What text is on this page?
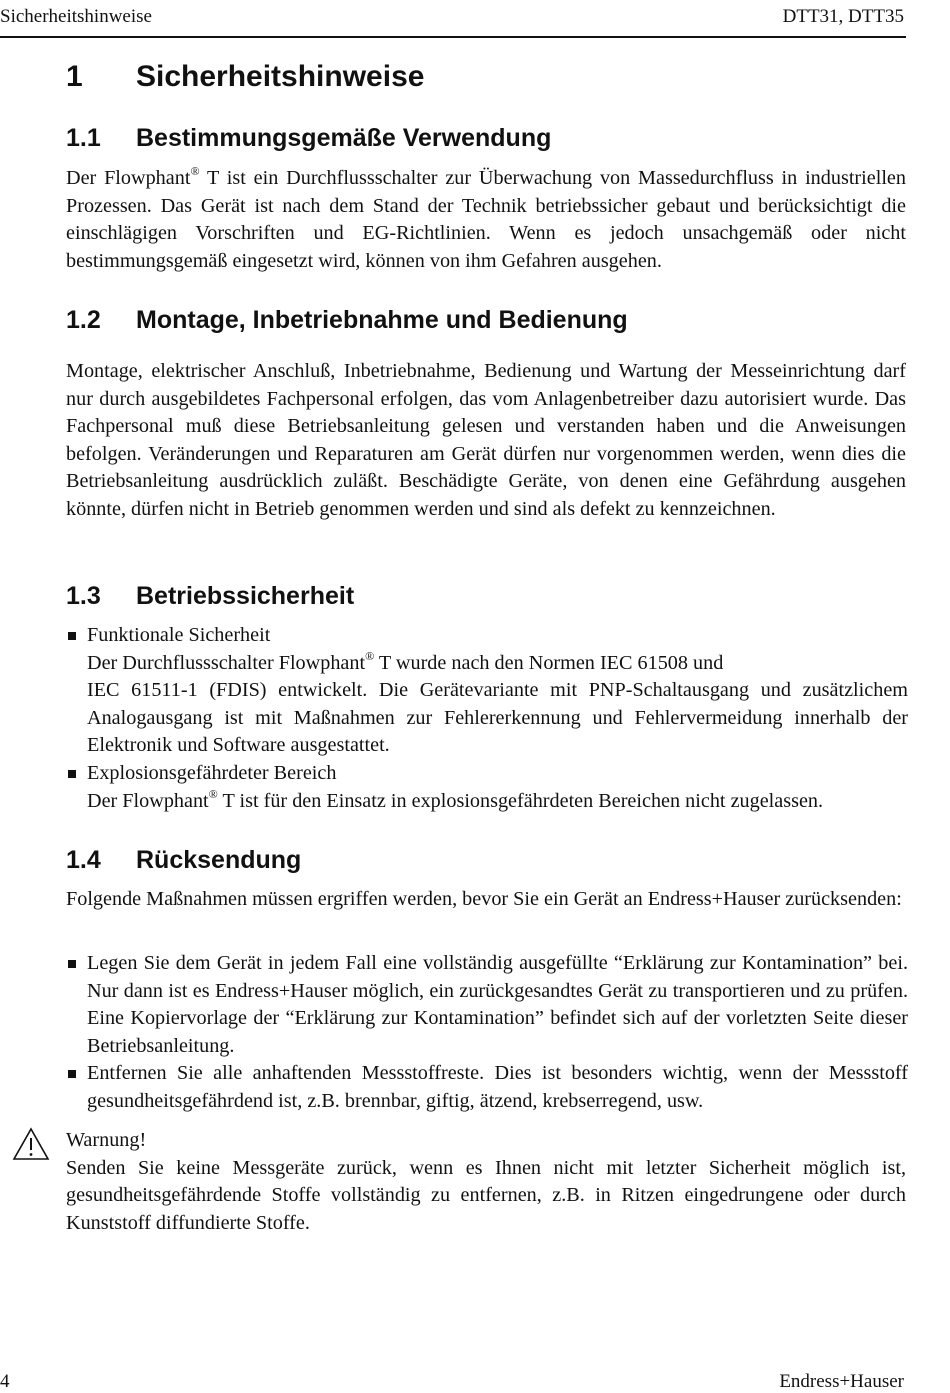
Sicherheitshinweise	DTT31, DTT35
1 Sicherheitshinweise
1.1 Bestimmungsgemäße Verwendung

Der Flowphant® T ist ein Durchflussschalter zur Überwachung von Massedurchfluss in industriellen Prozessen. Das Gerät ist nach dem Stand der Technik betriebssicher gebaut und berücksichtigt die einschlägigen Vorschriften und EG-Richtlinien. Wenn es jedoch unsachgemäß oder nicht bestimmungsgemäß eingesetzt wird, können von ihm Gefahren ausgehen.

1.2 Montage, Inbetriebnahme und Bedienung

Montage, elektrischer Anschluß, Inbetriebnahme, Bedienung und Wartung der Messeinrichtung darf nur durch ausgebildetes Fachpersonal erfolgen, das vom Anlagenbetreiber dazu autorisiert wurde. Das Fachpersonal muß diese Betriebsanleitung gelesen und verstanden haben und die Anweisungen befolgen. Veränderungen und Reparaturen am Gerät dürfen nur vorgenommen werden, wenn dies die Betriebsanleitung ausdrücklich zuläßt. Beschädigte Geräte, von denen eine Gefährdung ausgehen könnte, dürfen nicht in Betrieb genommen werden und sind als defekt zu kennzeichnen.

1.3 Betriebssicherheit
Funktionale Sicherheit
Der Durchflussschalter Flowphant® T wurde nach den Normen IEC 61508 und
IEC 61511-1 (FDIS) entwickelt. Die Gerätevariante mit PNP-Schaltausgang und zusätzlichem Analogausgang ist mit Maßnahmen zur Fehlererkennung und Fehlervermeidung innerhalb der Elektronik und Software ausgestattet.
Explosionsgefährdeter Bereich
Der Flowphant® T ist für den Einsatz in explosionsgefährdeten Bereichen nicht zugelassen.
1.4 Rücksendung

Folgende Maßnahmen müssen ergriffen werden, bevor Sie ein Gerät an Endress+Hauser zurücksenden:

Legen Sie dem Gerät in jedem Fall eine vollständig ausgefüllte “Erklärung zur Kontamination” bei. Nur dann ist es Endress+Hauser möglich, ein zurückgesandtes Gerät zu transportieren und zu prüfen. Eine Kopiervorlage der “Erklärung zur Kontamination” befindet sich auf der vorletzten Seite dieser Betriebsanleitung.
Entfernen Sie alle anhaftenden Messstoffreste. Dies ist besonders wichtig, wenn der Messstoff gesundheitsgefährdend ist, z.B. brennbar, giftig, ätzend, krebserregend, usw.

Warnung!
Senden Sie keine Messgeräte zurück, wenn es Ihnen nicht mit letzter Sicherheit möglich ist, gesundheitsgefährdende Stoffe vollständig zu entfernen, z.B. in Ritzen eingedrungene oder durch Kunststoff diffundierte Stoffe.

4	Endress+Hauser
